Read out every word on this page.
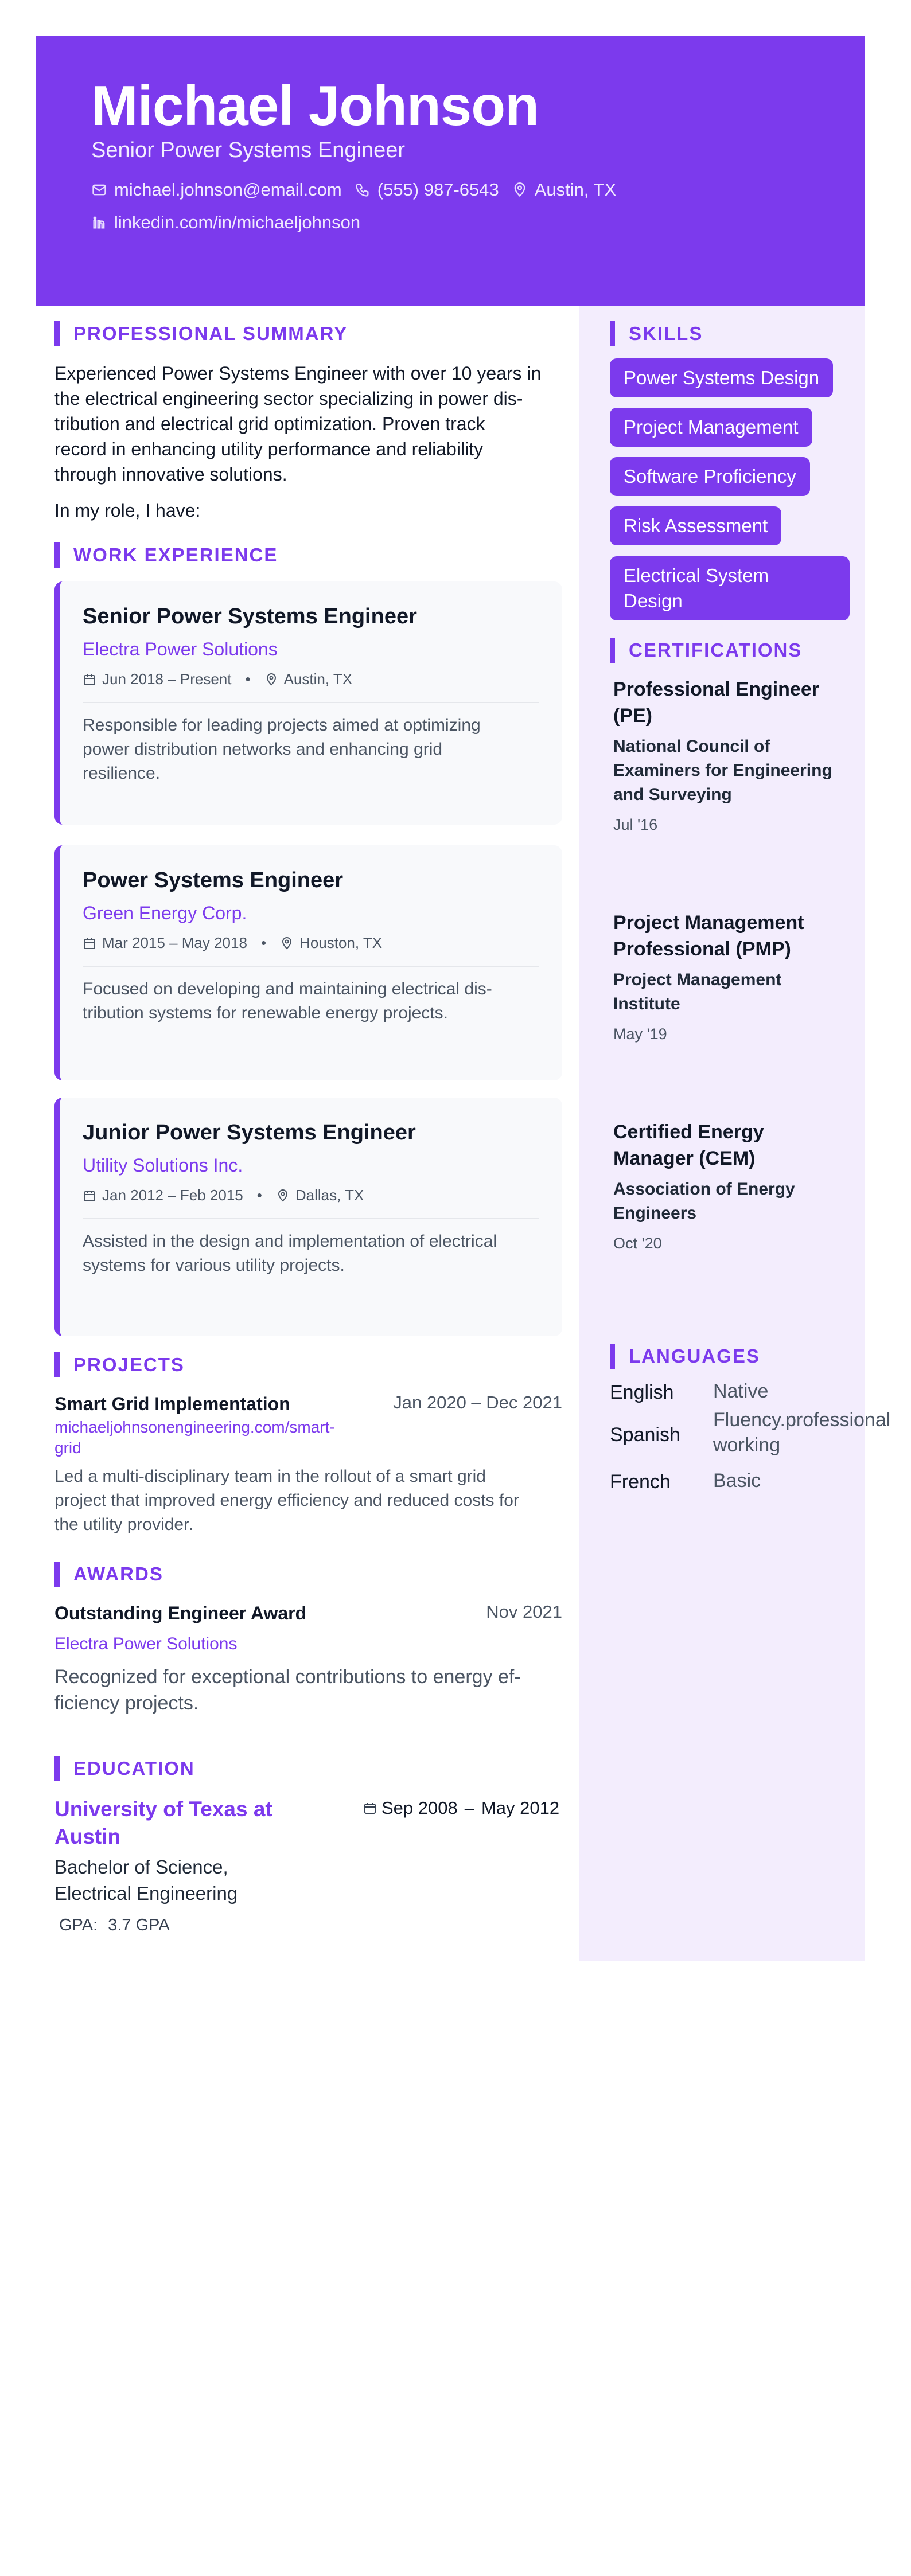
Michael Johnson
Senior Power Systems Engineer
michael.johnson@email.com (555) 987-6543 Austin, TX
linkedin.com/in/michaeljohnson
PROFESSIONAL SUMMARY
Experienced Power Systems Engineer with over 10 years in
the electrical engineering sector specializing in power dis-
tribution and electrical grid optimization. Proven track
record in enhancing utility performance and reliability
through innovative solutions.
In my role, I have:
WORK EXPERIENCE
Senior Power Systems Engineer
Electra Power Solutions
Jun 2018 – Present • Austin, TX
Responsible for leading projects aimed at optimizing
power distribution networks and enhancing grid
resilience.
Power Systems Engineer
Green Energy Corp.
Mar 2015 – May 2018 • Houston, TX
Focused on developing and maintaining electrical dis-
tribution systems for renewable energy projects.
Junior Power Systems Engineer
Utility Solutions Inc.
Jan 2012 – Feb 2015 • Dallas, TX
Assisted in the design and implementation of electrical
systems for various utility projects.
PROJECTS
Smart Grid Implementation	Jan 2020 – Dec 2021
michaeljohnsonengineering.com/smart-
grid
Led a multi-disciplinary team in the rollout of a smart grid
project that improved energy efficiency and reduced costs for
the utility provider.
AWARDS
Outstanding Engineer Award	Nov 2021
Electra Power Solutions
Recognized for exceptional contributions to energy ef-
ficiency projects.
EDUCATION
University of Texas at
Austin
Sep 2008 – May 2012
Bachelor of Science,
Electrical Engineering
GPA: 3.7 GPA
SKILLS
Power Systems Design
Project Management
Software Proficiency
Risk Assessment
Electrical System
Design
CERTIFICATIONS
Professional Engineer
(PE)
National Council of
Examiners for Engineering
and Surveying
Jul '16
Project Management
Professional (PMP)
Project Management
Institute
May '19
Certified Energy
Manager (CEM)
Association of Energy
Engineers
Oct '20
LANGUAGES
English Native
Spanish
Fluency.professional
working
French Basic
